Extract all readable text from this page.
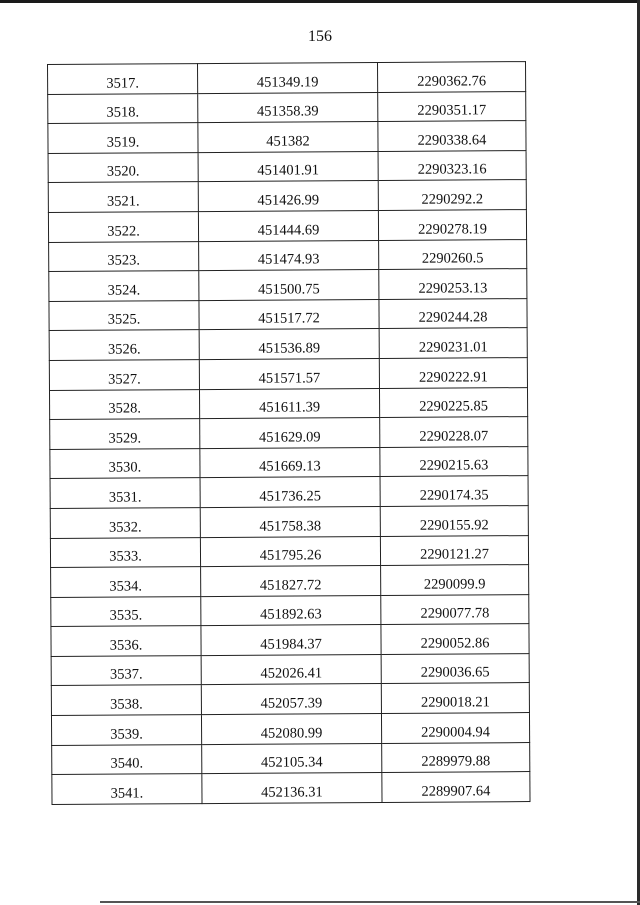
156
3517.	451349.19	2290362.76
3518.	451358.39	2290351.17
3519.	451382	2290338.64
3520.	451401.91	2290323.16
3521.	451426.99	2290292.2
3522.	451444.69	2290278.19
3523.	451474.93	2290260.5
3524.	451500.75	2290253.13
3525.	451517.72	2290244.28
3526.	451536.89	2290231.01
3527.	451571.57	2290222.91
3528.	451611.39	2290225.85
3529.	451629.09	2290228.07
3530.	451669.13	2290215.63
3531.	451736.25	2290174.35
3532.	451758.38	2290155.92
3533.	451795.26	2290121.27
3534.	451827.72	2290099.9
3535.	451892.63	2290077.78
3536.	451984.37	2290052.86
3537.	452026.41	2290036.65
3538.	452057.39	2290018.21
3539.	452080.99	2290004.94
3540.	452105.34	2289979.88
3541.	452136.31	2289907.64
